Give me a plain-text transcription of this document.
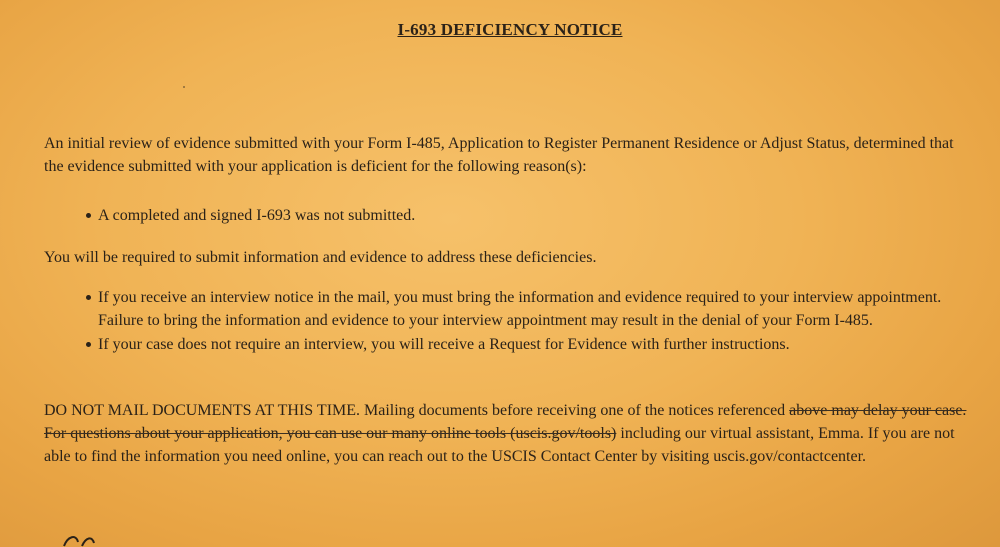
I-693 DEFICIENCY NOTICE

An initial review of evidence submitted with your Form I-485, Application to Register Permanent Residence or Adjust Status, determined that the evidence submitted with your application is deficient for the following reason(s):

A completed and signed I-693 was not submitted.

You will be required to submit information and evidence to address these deficiencies.

If you receive an interview notice in the mail, you must bring the information and evidence required to your interview appointment. Failure to bring the information and evidence to your interview appointment may result in the denial of your Form I-485.
If your case does not require an interview, you will receive a Request for Evidence with further instructions.

DO NOT MAIL DOCUMENTS AT THIS TIME. Mailing documents before receiving one of the notices referenced above may delay your case. For questions about your application, you can use our many online tools (uscis.gov/tools) including our virtual assistant, Emma. If you are not able to find the information you need online, you can reach out to the USCIS Contact Center by visiting uscis.gov/contactcenter.
